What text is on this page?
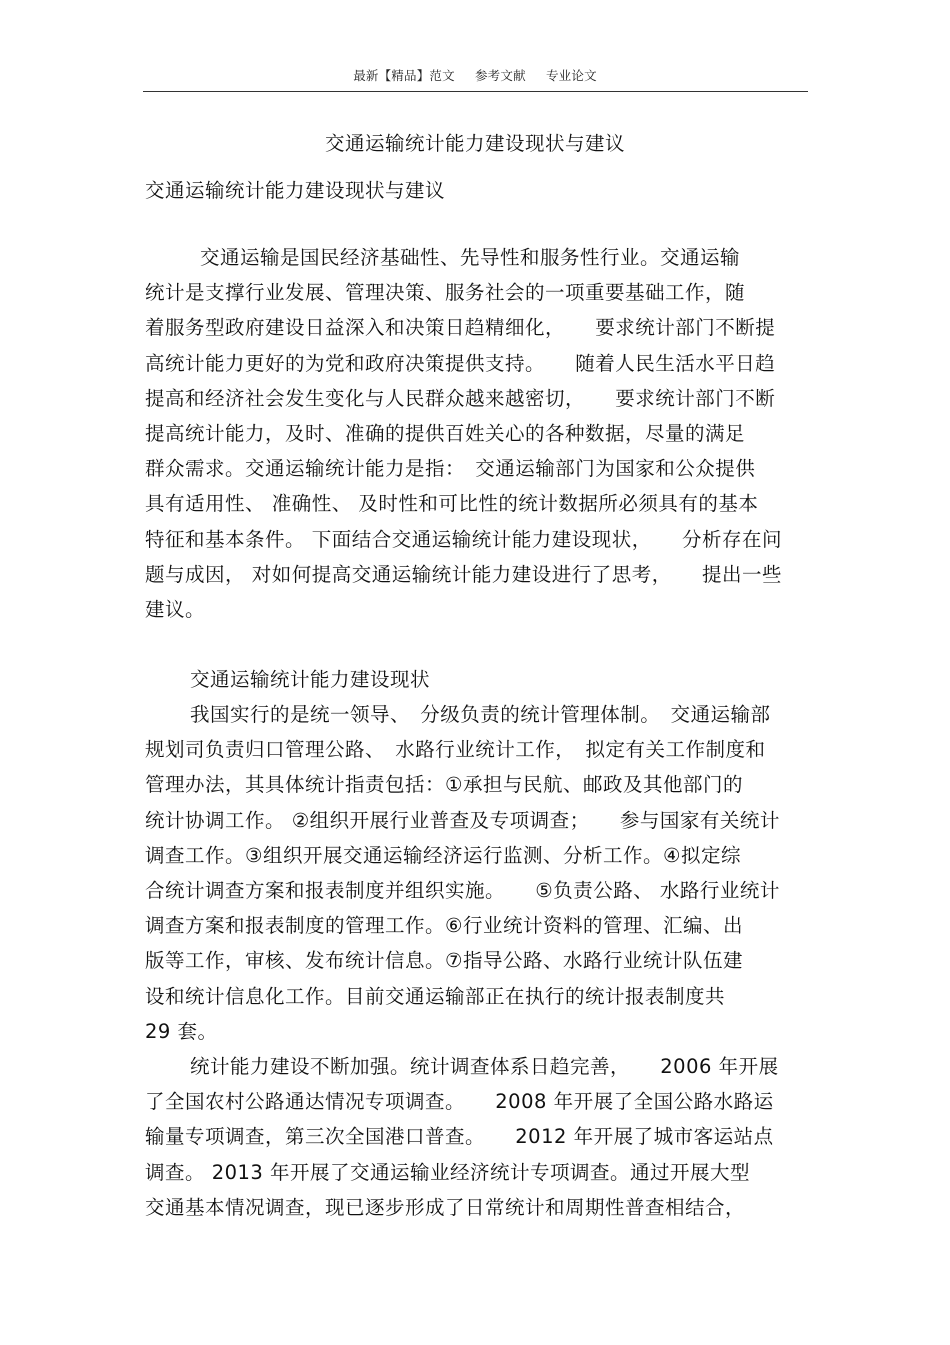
最新【精品】范文 参考文献 专业论文
交通运输统计能力建设现状与建议
交通运输统计能力建设现状与建议
交通运输是国民经济基础性、先导性和服务性行业。交通运输
统计是支撑行业发展、管理决策、服务社会的一项重要基础工作，随
着服务型政府建设日益深入和决策日趋精细化，　　要求统计部门不断提
高统计能力更好的为党和政府决策提供支持。　　随着人民生活水平日趋
提高和经济社会发生变化与人民群众越来越密切，　　要求统计部门不断
提高统计能力，及时、准确的提供百姓关心的各种数据，尽量的满足
群众需求。交通运输统计能力是指：　交通运输部门为国家和公众提供
具有适用性、 准确性、 及时性和可比性的统计数据所必须具有的基本
特征和基本条件。 下面结合交通运输统计能力建设现状，　　分析存在问
题与成因， 对如何提高交通运输统计能力建设进行了思考，　　提出一些
建议。
交通运输统计能力建设现状
我国实行的是统一领导、　分级负责的统计管理体制。　交通运输部
规划司负责归口管理公路、　水路行业统计工作，　拟定有关工作制度和
管理办法，其具体统计指责包括：①承担与民航、邮政及其他部门的
统计协调工作。 ②组织开展行业普查及专项调查；　　参与国家有关统计
调查工作。③组织开展交通运输经济运行监测、分析工作。④拟定综
合统计调查方案和报表制度并组织实施。　　⑤负责公路、 水路行业统计
调查方案和报表制度的管理工作。⑥行业统计资料的管理、汇编、出
版等工作，审核、发布统计信息。⑦指导公路、水路行业统计队伍建
设和统计信息化工作。目前交通运输部正在执行的统计报表制度共
29 套。
统计能力建设不断加强。统计调查体系日趋完善，　　2006 年开展
了全国农村公路通达情况专项调查。　　2008 年开展了全国公路水路运
输量专项调查，第三次全国港口普查。　　2012 年开展了城市客运站点
调查。 2013 年开展了交通运输业经济统计专项调查。通过开展大型
交通基本情况调查，现已逐步形成了日常统计和周期性普查相结合，
